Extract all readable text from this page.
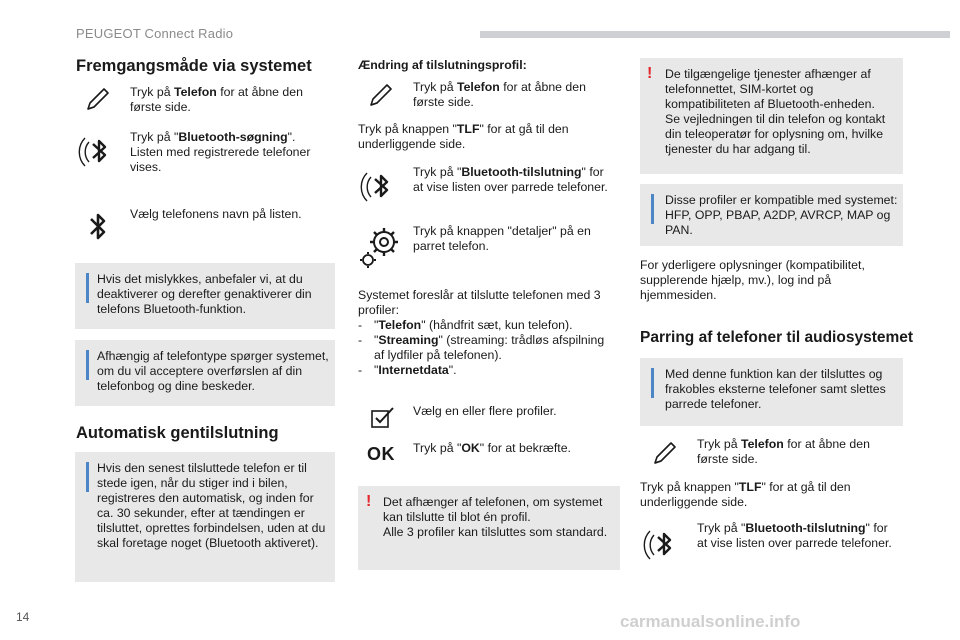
PEUGEOT Connect Radio
Fremgangsmåde via systemet
Tryk på Telefon for at åbne den første side.
Tryk på "Bluetooth-søgning".
Listen med registrerede telefoner vises.
Vælg telefonens navn på listen.
Hvis det mislykkes, anbefaler vi, at du deaktiverer og derefter genaktiverer din telefons Bluetooth-funktion.
Afhængig af telefontype spørger systemet, om du vil acceptere overførslen af din telefonbog og dine beskeder.
Automatisk gentilslutning
Hvis den senest tilsluttede telefon er til stede igen, når du stiger ind i bilen, registreres den automatisk, og inden for ca. 30 sekunder, efter at tændingen er tilsluttet, oprettes forbindelsen, uden at du skal foretage noget (Bluetooth aktiveret).
Ændring af tilslutningsprofil:
Tryk på Telefon for at åbne den første side.
Tryk på knappen "TLF" for at gå til den underliggende side.
Tryk på "Bluetooth-tilslutning" for at vise listen over parrede telefoner.
Tryk på knappen "detaljer" på en parret telefon.
Systemet foreslår at tilslutte telefonen med 3 profiler:
- "Telefon" (håndfrit sæt, kun telefon).
- "Streaming" (streaming: trådløs afspilning af lydfiler på telefonen).
- "Internetdata".
Vælg en eller flere profiler.
OK Tryk på "OK" for at bekræfte.
! Det afhænger af telefonen, om systemet kan tilslutte til blot én profil.
Alle 3 profiler kan tilsluttes som standard.
! De tilgængelige tjenester afhænger af telefonnettet, SIM-kortet og kompatibiliteten af Bluetooth-enheden.
Se vejledningen til din telefon og kontakt din teleoperatør for oplysning om, hvilke tjenester du har adgang til.
Disse profiler er kompatible med systemet: HFP, OPP, PBAP, A2DP, AVRCP, MAP og PAN.
For yderligere oplysninger (kompatibilitet, supplerende hjælp, mv.), log ind på hjemmesiden.
Parring af telefoner til audiosystemet
Med denne funktion kan der tilsluttes og frakobles eksterne telefoner samt slettes parrede telefoner.
Tryk på Telefon for at åbne den første side.
Tryk på knappen "TLF" for at gå til den underliggende side.
Tryk på "Bluetooth-tilslutning" for at vise listen over parrede telefoner.
14	carmanualsonline.info
